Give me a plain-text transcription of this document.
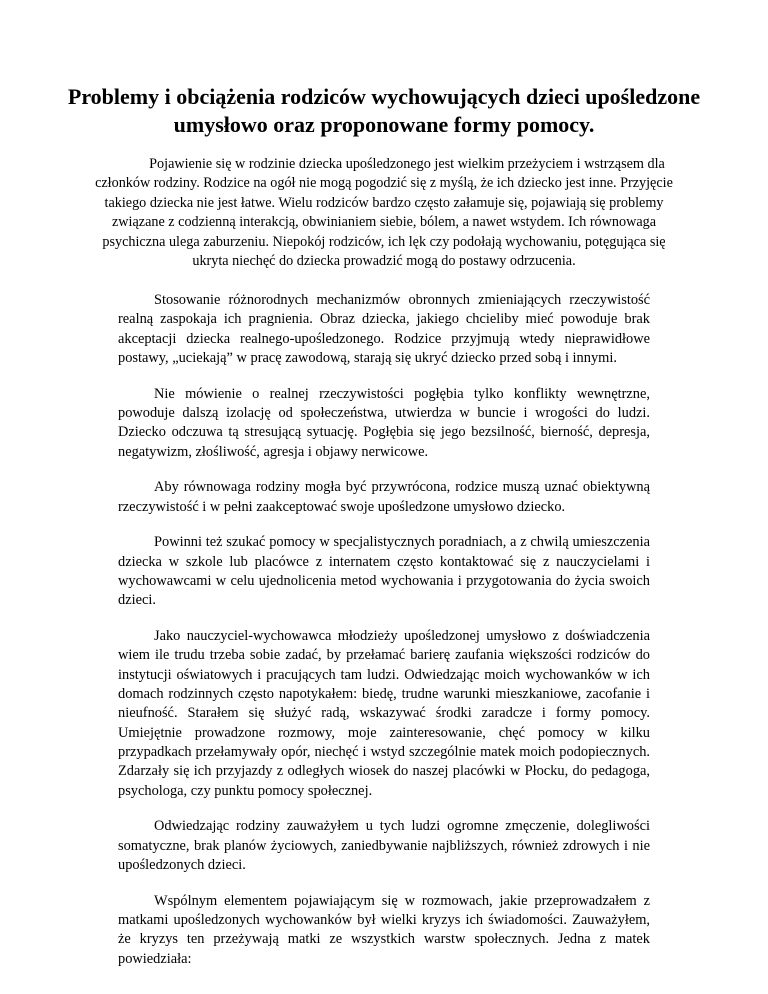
Problemy i obciążenia rodziców wychowujących dzieci upośledzone umysłowo oraz proponowane formy pomocy.

Pojawienie się w rodzinie dziecka upośledzonego jest wielkim przeżyciem i wstrząsem dla członków rodziny. Rodzice na ogół nie mogą pogodzić się z myślą, że ich dziecko jest inne. Przyjęcie takiego dziecka nie jest łatwe. Wielu rodziców bardzo często załamuje się, pojawiają się problemy związane z codzienną interakcją, obwinianiem siebie, bólem, a nawet wstydem. Ich równowaga psychiczna ulega zaburzeniu. Niepokój rodziców, ich lęk czy podołają wychowaniu, potęgująca się ukryta niechęć do dziecka prowadzić mogą do postawy odrzucenia.

Stosowanie różnorodnych mechanizmów obronnych zmieniających rzeczywistość realną zaspokaja ich pragnienia. Obraz dziecka, jakiego chcieliby mieć powoduje brak akceptacji dziecka realnego-upośledzonego. Rodzice przyjmują wtedy nieprawidłowe postawy, „uciekają” w pracę zawodową, starają się ukryć dziecko przed sobą i innymi.

Nie mówienie o realnej rzeczywistości pogłębia tylko konflikty wewnętrzne, powoduje dalszą izolację od społeczeństwa, utwierdza w buncie i wrogości do ludzi. Dziecko odczuwa tą stresującą sytuację. Pogłębia się jego bezsilność, bierność, depresja, negatywizm, złośliwość, agresja i objawy nerwicowe.

Aby równowaga rodziny mogła być przywrócona, rodzice muszą uznać obiektywną rzeczywistość i w pełni zaakceptować swoje upośledzone umysłowo dziecko.

Powinni też szukać pomocy w specjalistycznych poradniach, a z chwilą umieszczenia dziecka w szkole lub placówce z internatem często kontaktować się z nauczycielami i wychowawcami w celu ujednolicenia metod wychowania i przygotowania do życia swoich dzieci.

Jako nauczyciel-wychowawca młodzieży upośledzonej umysłowo z doświadczenia wiem ile trudu trzeba sobie zadać, by przełamać barierę zaufania większości rodziców do instytucji oświatowych i pracujących tam ludzi. Odwiedzając moich wychowanków w ich domach rodzinnych często napotykałem: biedę, trudne warunki mieszkaniowe, zacofanie i nieufność. Starałem się służyć radą, wskazywać środki zaradcze i formy pomocy. Umiejętnie prowadzone rozmowy, moje zainteresowanie, chęć pomocy w kilku przypadkach przełamywały opór, niechęć i wstyd szczególnie matek moich podopiecznych. Zdarzały się ich przyjazdy z odległych wiosek do naszej placówki w Płocku, do pedagoga, psychologa, czy punktu pomocy społecznej.

Odwiedzając rodziny zauważyłem u tych ludzi ogromne zmęczenie, dolegliwości somatyczne, brak planów życiowych, zaniedbywanie najbliższych, również zdrowych i nie upośledzonych dzieci.

Wspólnym elementem pojawiającym się w rozmowach, jakie przeprowadzałem z matkami upośledzonych wychowanków był wielki kryzys ich świadomości. Zauważyłem, że kryzys ten przeżywają matki ze wszystkich warstw społecznych. Jedna z matek powiedziała:
